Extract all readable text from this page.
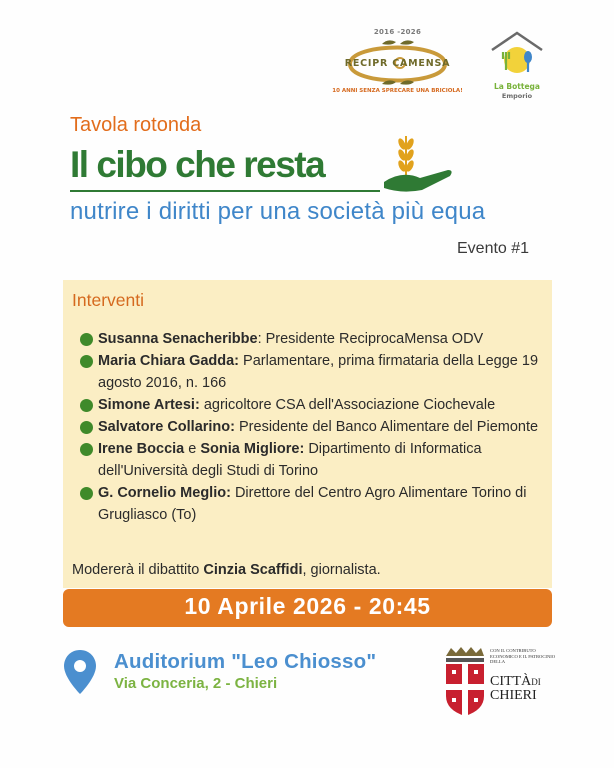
2016 -2026
RECIPR CAMENSA
10 ANNI SENZA SPRECARE UNA BRICIOLA!	La Bottega
Emporio
Tavola rotonda
Il cibo che resta
nutrire i diritti per una società più equa
Evento #1
Interventi
Susanna Senacheribbe: Presidente ReciprocaMensa ODV
Maria Chiara Gadda: Parlamentare, prima firmataria della Legge 19 agosto 2016, n. 166
Simone Artesi: agricoltore CSA dell'Associazione Ciochevale
Salvatore Collarino: Presidente del Banco Alimentare del Piemonte
Irene Boccia e Sonia Migliore: Dipartimento di Informatica dell'Università degli Studi di Torino
G. Cornelio Meglio: Direttore del Centro Agro Alimentare Torino di Grugliasco (To)
Modererà il dibattito Cinzia Scaffidi, giornalista.
10 Aprile 2026 - 20:45
Auditorium "Leo Chiosso"
Via Conceria, 2 - Chieri
CON IL CONTRIBUTO ECONOMICO E IL PATROCINIO DELLA
CITTÀDI
CHIERI
